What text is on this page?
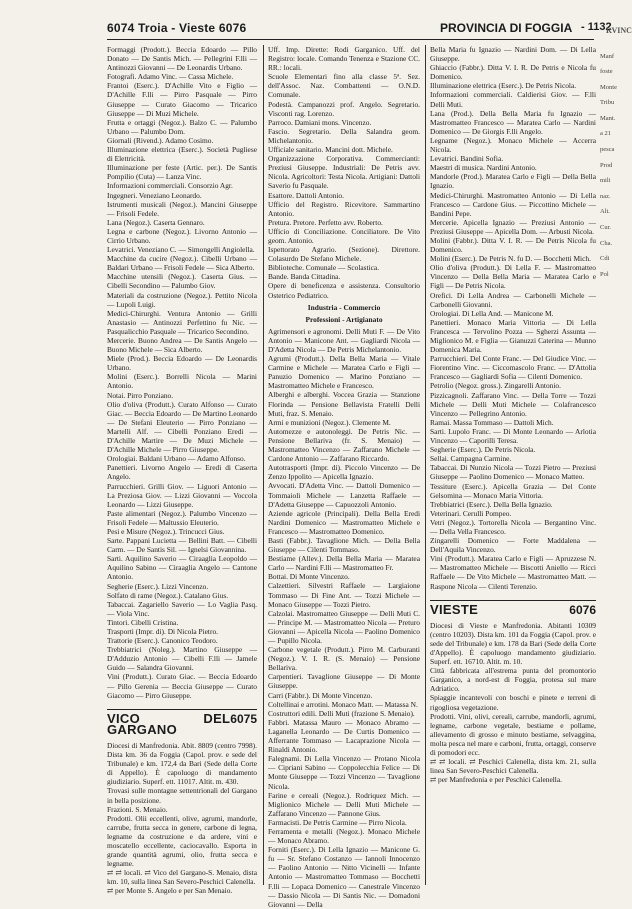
6074 Troia - Vieste 6076	PROVINCIA DI FOGGIA - 1132
RVINC

Formaggi (Prodott.). Beccia Edoardo — Pillo Donato — De Santis Mich. — Pellegrini F.lli — Antinozzi Giovanni — De Leonardis Urbano.

Fotografi. Adamo Vinc. — Cassa Michele.

Frantoi (Eserc.). D'Achille Vito e Figlio — D'Achille F.lli — Pirro Pasquale — Pirro Giuseppe — Curato Giacomo — Tricarico Giuseppe — Di Muzi Michele.

Frutta e ortaggi (Negoz.). Balzo C. — Palumbo Urbano — Palumbo Dom.

Giornali (Rivend.). Adamo Cosimo.

Illuminazione elettrica (Eserc.). Società Pugliese di Elettricità.

Illuminazione per feste (Artic. per.). De Santis Pompilio (Cuta) — Lanza Vinc.

Informazioni commerciali. Consorzio Agr.

Ingegneri. Veneziano Leonardo.

Istrumenti musicali (Negoz.). Mancini Giuseppe — Frisoli Fedele.

Lana (Negoz.). Caserta Gennaro.

Legna e carbone (Negoz.). Livorno Antonio — Cirrio Urbano.

Levatrici. Veneziano C. — Simongelli Angiolella.

Macchine da cucire (Negoz.). Cibelli Urbano — Baldari Urbano — Frisoli Fedele — Sica Alberto.

Macchine utensili (Negoz.). Caserta Gius. — Cibelli Secondino — Palumbo Giov.

Materiali da costruzione (Negoz.). Pettito Nicola — Lupoli Luigi.

Medici-Chirurghi. Ventura Antonio — Grilli Anastasio — Antinozzi Perfettino fu Nic. — Pasqualicchio Pasquale — Tricarico Secondino.

Mercerie. Buono Andrea — De Santis Angelo — Buono Michele — Sica Alberto.

Miele (Prod.). Beccia Edoardo — De Leonardis Urbano.

Molini (Eserc.). Borrelli Nicola — Marini Antonio.

Notai. Pirro Ponziano.

Olio d'oliva (Produtt.). Curato Alfonso — Curato Giac. — Beccia Edoardo — De Martino Leonardo — De Stefani Eleuterio — Pirro Ponziano — Martelli Alf. — Cibelli Ponziano Eredi — D'Achille Martire — De Muzi Michele — D'Achille Michele — Pirro Giuseppe.

Orologiai. Baldani Urbano — Adamo Alfonso.

Panettieri. Livorno Angelo — Eredi di Caserta Angelo.

Parrucchieri. Grilli Giov. — Liguori Antonio — La Preziosa Giov. — Lizzi Giovanni — Voccola Leonardo — Lizzi Giuseppe.

Paste alimentari (Negoz.). Palumbo Vincenzo — Frisoli Fedele — Maltussio Eleuterio.

Pesi e Misure (Negoz.). Trincucci Gius.

Sarte. Pappani Lucietta — Bellini Batt. — Cibelli Carm. — De Santis Sil. — Ignelsi Giovannina.

Sarti. Aquilino Saverio — Ciraaglia Leopoldo — Aquilino Sabino — Ciraaglia Angelo — Cantone Antonio.

Segherie (Eserc.). Lizzi Vincenzo.

Solfato di rame (Negoz.). Catalano Gius.

Tabaccai. Zagariello Saverio — Lo Vaglia Pasq. — Viola Vinc.

Tintori. Cibelli Cristina.

Trasporti (Impr. di). Di Nicola Pietro.

Trattorie (Eserc.). Canonico Teodoro.

Trebbiatrici (Noleg.). Martino Giuseppe — D'Adduzio Antonio — Cibelli F.lli — Jamele Guido — Salandra Giovanni.

Vini (Produtt.). Curato Giac. — Beccia Edoardo — Pillo Gerenia — Beccia Giuseppe — Curato Giacomo — Pirro Giuseppe.

6075
VICO DEL GARGANO

Diocesi di Manfredonia. Abit. 8809 (centro 7998). Dista km. 36 da Foggia (Capol. prov. e sede del Tribunale) e km. 172,4 da Bari (Sede della Corte di Appello). È capoluogo di mandamento giudiziario. Superf. ett. 11017. Altit. m. 430.

Trovasi sulle montagne settentrionali del Gargano in bella posizione.

Frazioni. S. Menaio.

Prodotti. Olii eccellenti, olive, agrumi, mandorle, carrube, frutta secca in genere, carbone di legna, legname da costruzione e da ardere, vini e moscatello eccellente, caciocavallo. Esporta in grande quantità agrumi, olio, frutta secca e legname.

⇄ ⇄ locali. ⇄ Vico del Gargano-S. Menaio, dista km. 10, sulla linea San Severo-Peschici Calenella.

⇄ per Monte S. Angelo e per San Menaio.

Uff. Imp. Dirette: Rodi Garganico. Uff. del Registro: locale. Comando Tenenza e Stazione CC. RR.: locali.

Scuole Elementari fino alla classe 5ª. Sez. dell'Assoc. Naz. Combattenti — O.N.D. Comunale.

Podestà. Campanozzi prof. Angelo. Segretario. Visconti rag. Lorenzo.

Parroco. Damiani mons. Vincenzo.

Fascio. Segretario. Della Salandra geom. Michelantonio.

Ufficiale sanitario. Mancini dott. Michele.

Organizzazione Corporativa. Commercianti: Preziusi Giuseppe. Industriali: De Petris avv. Nicola. Agricoltori: Testa Nicola. Artigiani: Dattoli Saverio fu Pasquale.

Esattore. Dattoli Antonio.

Ufficio del Registro. Ricevitore. Sammartino Antonio.

Pretura. Pretore. Perfetto avv. Roberto.

Ufficio di Conciliazione. Conciliatore. De Vito geom. Antonio.

Ispettorato Agrario. (Sezione). Direttore. Colasurdo De Stefano Michele.

Biblioteche. Comunale — Scolastica.

Bande. Banda Cittadina.

Opere di beneficenza e assistenza. Consultorio Ostetrico Pediatrico.

Industria - Commercio
Professioni - Artigianato

Agrimensori e agronomi. Delli Muti F. — De Vito Antonio — Manicone Ant. — Gagliardi Nicola — D'Adetta Nicola — De Petris Michelantonio.

Agrumi (Produtt.). Della Bella Maria — Vitale Carmine e Michele — Maratea Carlo e Figli — Panuzio Domenico — Marino Ponziano — Mastromatteo Michele e Francesco.

Alberghi e alberghi. Voccea Grazia — Stanzione Florinda — Pensione Bellavista Fratelli Delli Muti, fraz. S. Menaio.

Armi e munizioni (Negoz.). Clemente M.

Automezze e autonoleggi. De Petris Nic. — Pensione Bellariva (fr. S. Menaio) — Mastromatteo Vincenzo — Zaffarano Michele — Cardone Antonio — Zaffarano Riccardo.

Autotrasporti (Impr. di). Piccolo Vincenzo — De Zenzo Ippolito — Apicella Ignazio.

Avvocati. D'Adetta Vinc. — Dattoli Domenico — Tommaioli Michele — Lanzetta Raffaele — D'Adetta Giuseppe — Capuozzoli Antonio.

Aziende agricole (Principali). Della Bella Eredi Nardini Domenico — Mastromatteo Michele e Francesco — Mastromatteo Domenico.

Basti (Fabbr.). Tavaglione Mich. — Della Bella Giuseppe — Cilenti Tommaso.

Bestiame (Allev.). Della Bella Maria — Maratea Carlo — Nardini F.lli — Mastromatteo Fr.

Bottai. Di Monte Vincenzo.

Calzettieri. Silvestri Raffaele — Largiaione Tommaso — Di Fine Ant. — Tozzi Michele — Monaco Giuseppe — Tozzi Pietro.

Calzolai. Mastromatteo Giuseppe — Delli Muti C. — Principe M. — Mastromatteo Nicola — Preturo Giovanni — Apicella Nicola — Paolino Domenico — Pupillo Nicola.

Carbone vegetale (Produtt.). Pirro M. Carburanti (Negoz.). V. I. R. (S. Menaio) — Pensione Bellariva.

Carpentieri. Tavaglione Giuseppe — Di Monte Giuseppe.

Carri (Fabbr.). Di Monte Vincenzo.

Coltellinai e arrotini. Monaco Matt. — Matassa N.

Costruttori edili. Delli Muti (frazione S. Menaio).

Fabbri. Matassa Mauro — Monaco Abramo — Laganella Leonardo — De Curtis Domenico — Afferrante Tommaso — Lacaprazione Nicola — Rinaldi Antonio.

Falegnami. Di Lella Vincenzo — Protano Nicola — Cipriani Sabino — Coppolecchia Felice — Di Monte Giuseppe — Tozzi Vincenzo — Tavaglione Nicola.

Farine e cereali (Negoz.). Rodriquez Mich. — Miglionico Michele — Delli Muti Michele — Zaffarano Vincenzo — Pannone Gius.

Farmacisti. De Petris Carmine — Pirro Nicola.

Ferramenta e metalli (Negoz.). Monaco Michele — Monaco Abramo.

Forniti (Eserc.). Di Lella Ignazio — Manicone G. fu — Sr. Stefano Costanzo — Iannoli Innocenzo — Paolino Antonio — Nitto Vicinelli — Infante Antonio — Mastromatteo Tommaso — Bocchetti F.lli — Lopaca Domenico — Canestrale Vincenzo — Dassio Nicola — Di Santis Nic. — Domadoni Giovanni — Della

Bella Maria fu Ignazio — Nardini Dom. — Di Lella Giuseppe.

Ghiaccio (Fabbr.). Ditta V. I. R. De Petris e Nicola fu Domenico.

Illuminazione elettrica (Eserc.). De Petris Nicola.

Informazioni commerciali. Caldierisi Giov. — F.lli Delli Muti.

Lana (Prod.). Della Bella Maria fu Ignazio — Mastromatteo Francesco — Maratea Carlo — Nardini Domenico — De Giorgis F.lli Angelo.

Legname (Negoz.). Monaco Michele — Accerra Nicola.

Levatrici. Bandini Sofia.

Maestri di musica. Nardini Antonio.

Mandorle (Prod.). Maratea Carlo e Figli — Della Bella Ignazio.

Medici-Chirurghi. Mastromatteo Antonio — Di Lella Francesco — Cardone Gius. — Piccottino Michele — Bandini Pepe.

Mercerie. Apicella Ignazio — Preziusi Antonio — Preziusi Giuseppe — Apicella Dom. — Arbusti Nicola.

Molini (Fabbr.). Ditta V. I. R. — De Petris Nicola fu Domenico.

Molini (Eserc.). De Petris N. fu D. — Bocchetti Mich.

Olio d'oliva (Produtt.). Di Lella F. — Mastromatteo Vincenzo — Della Bella Maria — Maratea Carlo e Figli — De Petris Nicola.

Orefici. Di Lella Andrea — Carbonelli Michele — Carbonelli Giovanni.

Orologiai. Di Lella And. — Manicone M.

Panettieri. Monaco Maria Vittoria — Di Lella Francesca — Tervolino Pozza — Sgherzi Assunta — Miglionico M. e Figlia — Gianuzzi Caterina — Munno Domenica Maria.

Parrucchieri. Del Conte Franc. — Del Giudice Vinc. — Fiorentino Vinc. — Ciccomascolo Franc. — D'Attolia Francesco — Gagliardi Sofia — Cilenti Domenico.

Petrolio (Negoz. gross.). Zingarelli Antonio.

Pizzicagnoli. Zaffarano Vinc. — Della Torre — Tozzi Michele — Delli Muti Michele — Colafrancesco Vincenzo — Pellegrino Antonio.

Ramai. Massa Tommaso — Dattoli Mich.

Sarti. Lupolo Franc. — Di Monte Leonardo — Arlotia Vincenzo — Caporilli Teresa.

Segherie (Eserc.). De Petris Nicola.

Sellai. Campagna Carmine.

Tabaccai. Di Nunzio Nicola — Tozzi Pietro — Preziusi Giuseppe — Paolino Domenico — Monaco Matteo.

Tessiture (Eserc.). Apicella Grazia — Del Conte Gelsomina — Monaco Maria Vittoria.

Trebbiatrici (Eserc.). Della Bella Ignazio.

Veterinari. Cerulli Pompeo.

Vetri (Negoz.). Tortorella Nicola — Bergantino Vinc. — Della Vella Francesco.

Zingarelli Domenico — Forte Maddalena — Dell'Aquila Vincenzo.

Vini (Produtt.). Maratea Carlo e Figli — Apruzzese N. — Mastromatteo Michele — Biscotti Aniello — Ricci Raffaele — De Vito Michele — Mastromatteo Matt. — Raspone Nicola — Cilenti Terenzio.

6076
VIESTE

Diocesi di Vieste e Manfredonia. Abitanti 10309 (centro 10203). Dista km. 101 da Foggia (Capol. prov. e sede del Tribunale) e km. 178 da Bari (Sede della Corte d'Appello). È capoluogo mandamento giudiziario. Superf. ett. 16710. Altit. m. 10.

Città fabbricata all'estrema punta del promontorio Garganico, a nord-est di Foggia, protesa sul mare Adriatico.

Spiaggie incantevoli con boschi e pinete e terreni di rigogliosa vegetazione.

Prodotti. Vini, olivi, cereali, carrube, mandorli, agrumi, legname, carbone vegetale, bestiame e pollame, allevamento di grosso e minuto bestiame, selvaggina, molta pesca nel mare e carboni, frutta, ortaggi, conserve di pomodori ecc.

⇄ ⇄ locali. ⇄ Peschici Calenella, dista km. 21, sulla linea San Severo-Peschici Calenella.

⇄ per Manfredonia e per Peschici Calenella.

Manf

foste

Monte

Tribu

Mant.

a 21

pesca

Prod

mili

naz.

Alt.

Cur.

Cha.

Cdi

Pol
